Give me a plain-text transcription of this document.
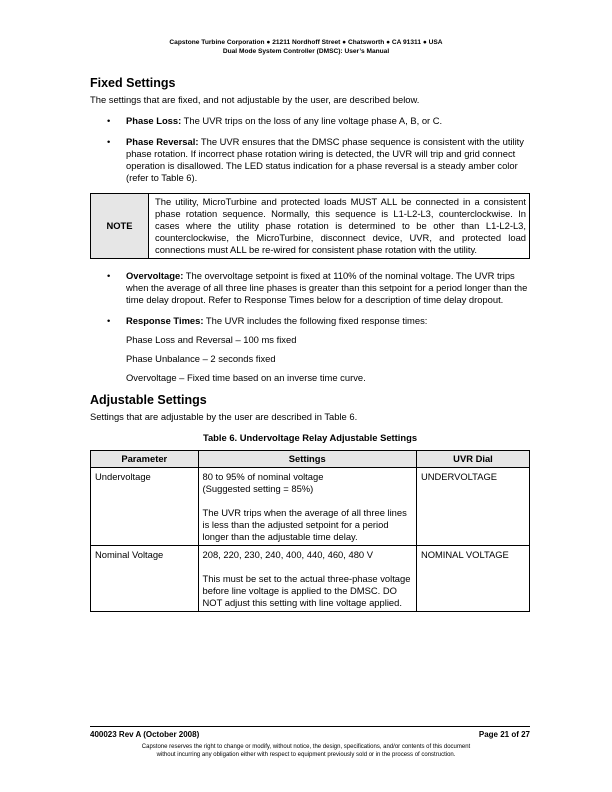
Capstone Turbine Corporation ● 21211 Nordhoff Street ● Chatsworth ● CA 91311 ● USA
Dual Mode System Controller (DMSC): User’s Manual
Fixed Settings

The settings that are fixed, and not adjustable by the user, are described below.

• Phase Loss: The UVR trips on the loss of any line voltage phase A, B, or C.
• Phase Reversal: The UVR ensures that the DMSC phase sequence is consistent with the utility phase rotation. If incorrect phase rotation wiring is detected, the UVR will trip and grid connect operation is disallowed. The LED status indication for a phase reversal is a steady amber color (refer to Table 6).
NOTE	The utility, MicroTurbine and protected loads MUST ALL be connected in a consistent phase rotation sequence. Normally, this sequence is L1-L2-L3, counterclockwise. In cases where the utility phase rotation is determined to be other than L1-L2-L3, counterclockwise, the MicroTurbine, disconnect device, UVR, and protected load connections must ALL be re-wired for consistent phase rotation with the utility.
• Overvoltage: The overvoltage setpoint is fixed at 110% of the nominal voltage. The UVR trips when the average of all three line phases is greater than this setpoint for a period longer than the time delay dropout. Refer to Response Times below for a description of time delay dropout.
• Response Times: The UVR includes the following fixed response times:
Phase Loss and Reversal – 100 ms fixed
Phase Unbalance – 2 seconds fixed
Overvoltage – Fixed time based on an inverse time curve.
Adjustable Settings

Settings that are adjustable by the user are described in Table 6.

Table 6. Undervoltage Relay Adjustable Settings
Parameter	Settings	UVR Dial
Undervoltage	80 to 95% of nominal voltage
(Suggested setting = 85%)
The UVR trips when the average of all three lines is less than the adjusted setpoint for a period longer than the adjustable time delay.	UNDERVOLTAGE
Nominal Voltage	208, 220, 230, 240, 400, 440, 460, 480 V
This must be set to the actual three-phase voltage before line voltage is applied to the DMSC. DO NOT adjust this setting with line voltage applied.	NOMINAL VOLTAGE
400023 Rev A (October 2008)	Page 21 of 27
Capstone reserves the right to change or modify, without notice, the design, specifications, and/or contents of this document
without incurring any obligation either with respect to equipment previously sold or in the process of construction.
